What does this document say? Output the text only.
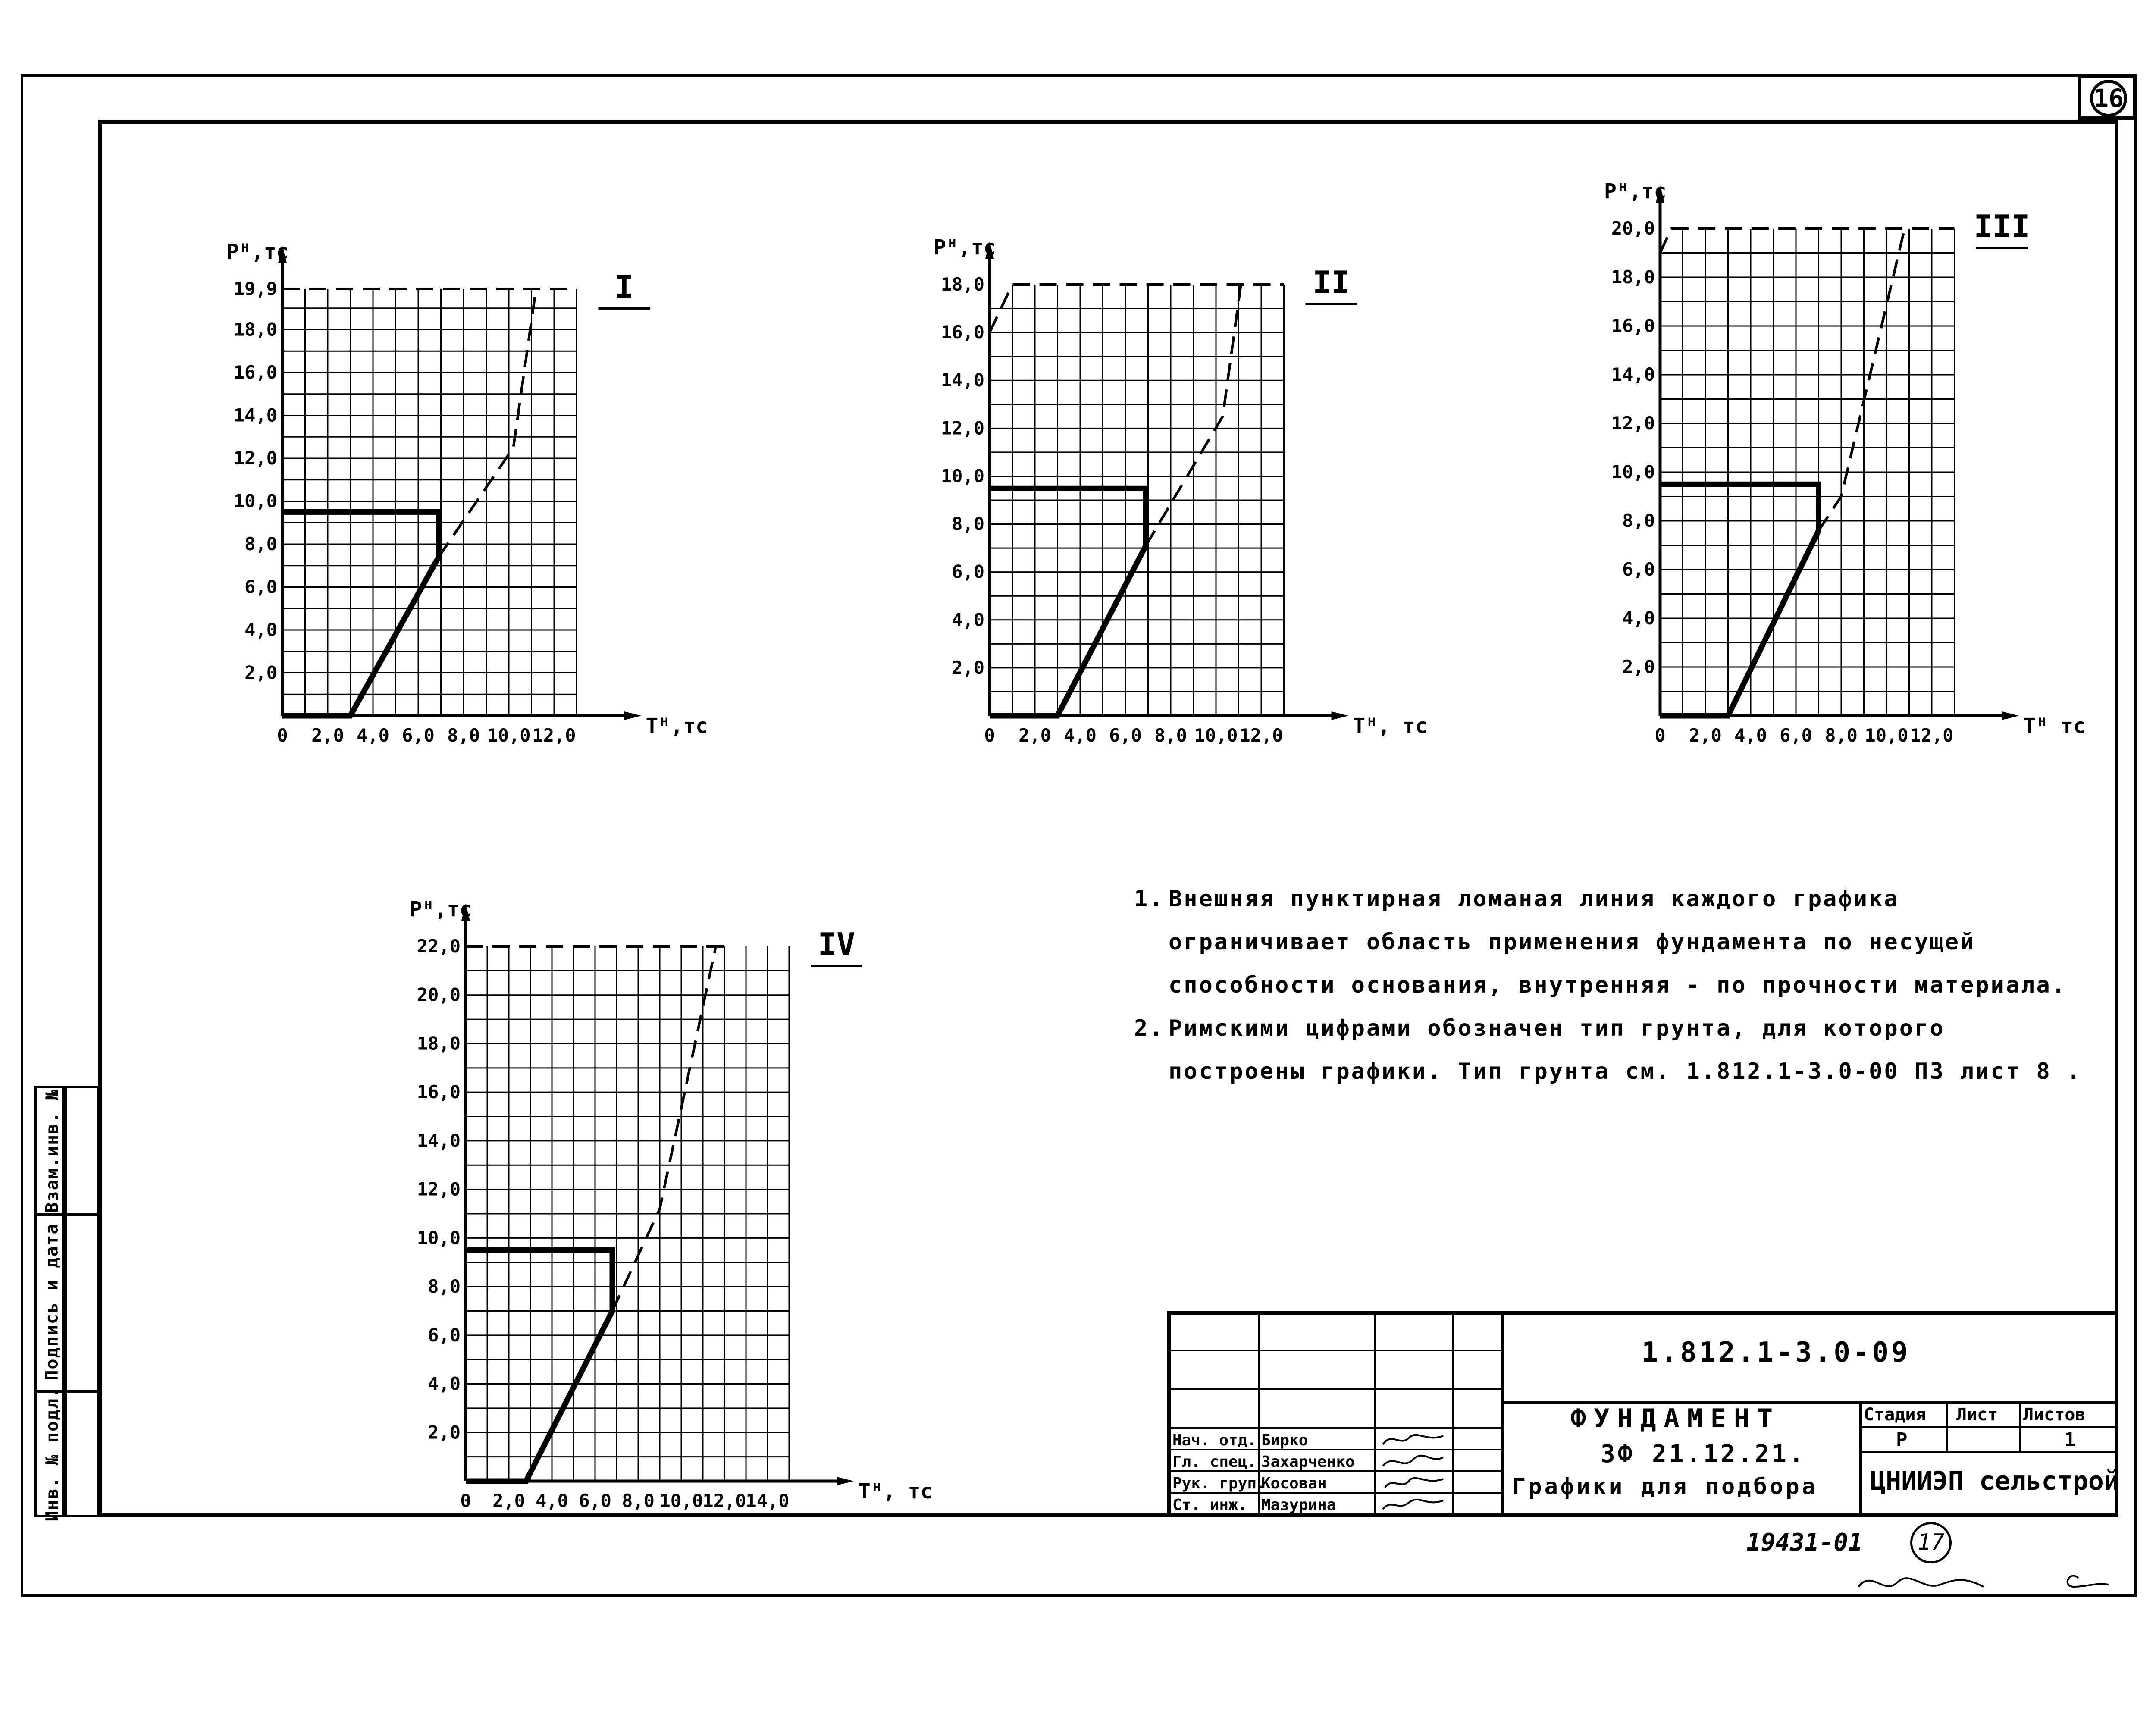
16
0 2,0 4,0 6,0 8,0 10,0 12,0
2,0
4,0
6,0
8,0
10,0
12,0
14,0
16,0
18,0
19,9
Pᴴ,тс
Tᴴ,тс
I
0 2,0 4,0 6,0 8,0 10,0 12,0
2,0
4,0
6,0
8,0
10,0
12,0
14,0
16,0
18,0
Pᴴ,тс
Tᴴ, тс
II
0 2,0 4,0 6,0 8,0 10,0 12,0
2,0
4,0
6,0
8,0
10,0
12,0
14,0
16,0
18,0
20,0
Pᴴ,тс
Tᴴ тс
III
0 2,0 4,0 6,0 8,0 10,0
12,0
14,0
2,0
4,0
6,0
8,0
10,0
12,0
14,0
16,0
18,0
20,0
22,0
Pᴴ,тс
Tᴴ, тс
IV
1. Внешняя пунктирная ломаная линия каждого графика ограничивает область применения фундамента по несущей способности основания, внутренняя - по прочности материала.
2. Римскими цифрами обозначен тип грунта, для которого построены графики. Тип грунта см. 1.812.1-3.0-00 ПЗ лист 8 .
Инв. № подл.
Подпись и дата
Взам.инв. №
1.812.1-3.0-09
ФУНДАМЕНТ
3Ф 21.12.21.
Графики для подбора
Стадия Лист Листов
Р	1
ЦНИИЭП сельстрой
Нач. отд. Бирко
Гл. спец. Захарченко
Рук. груп.
Косован
Ст. инж. Мазурина
19431-01	17
